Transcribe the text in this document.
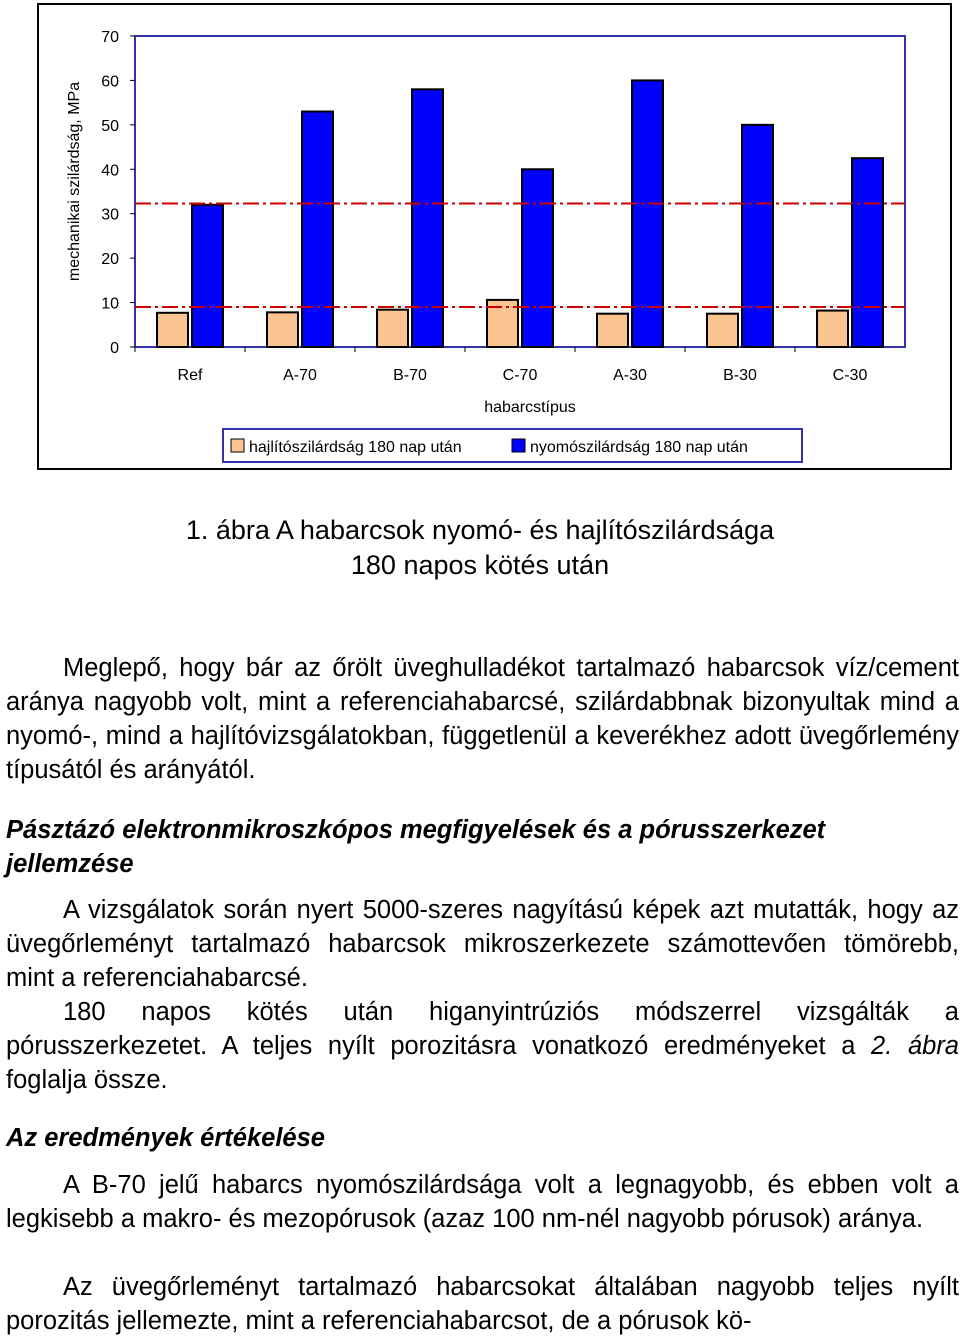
0
10
20
30
40
50
60
70
mechanikai szilárdság, MPa
Ref	A-70	B-70	C-70	A-30	B-30	C-30
habarcstípus
hajlítószilárdság 180 nap után	nyomószilárdság 180 nap után
1. ábra A habarcsok nyomó- és hajlítószilárdsága
180 napos kötés után

Meglepő, hogy bár az őrölt üveghulladékot tartalmazó habarcsok víz/cement aránya nagyobb volt, mint a referenciahabarcsé, szilárdabbnak bizonyultak mind a nyomó-, mind a hajlítóvizsgálatokban, függetlenül a keverékhez adott üvegőrlemény típusától és arányától.

Pásztázó elektronmikroszkópos megfigyelések és a pórusszerkezet jellemzése

A vizsgálatok során nyert 5000-szeres nagyítású képek azt mutatták, hogy az üvegőrleményt tartalmazó habarcsok mikroszerkezete számottevően tömörebb, mint a referenciahabarcsé.

180 napos kötés után higanyintrúziós módszerrel vizsgálták a pórusszerkezetet. A teljes nyílt porozitásra vonatkozó eredményeket a 2. ábra foglalja össze.

Az eredmények értékelése

A B-70 jelű habarcs nyomószilárdsága volt a legnagyobb, és ebben volt a legkisebb a makro- és mezopórusok (azaz 100 nm-nél nagyobb pórusok) aránya.

Az üvegőrleményt tartalmazó habarcsokat általában nagyobb teljes nyílt porozitás jellemezte, mint a referenciahabarcsot, de a pórusok kö-
